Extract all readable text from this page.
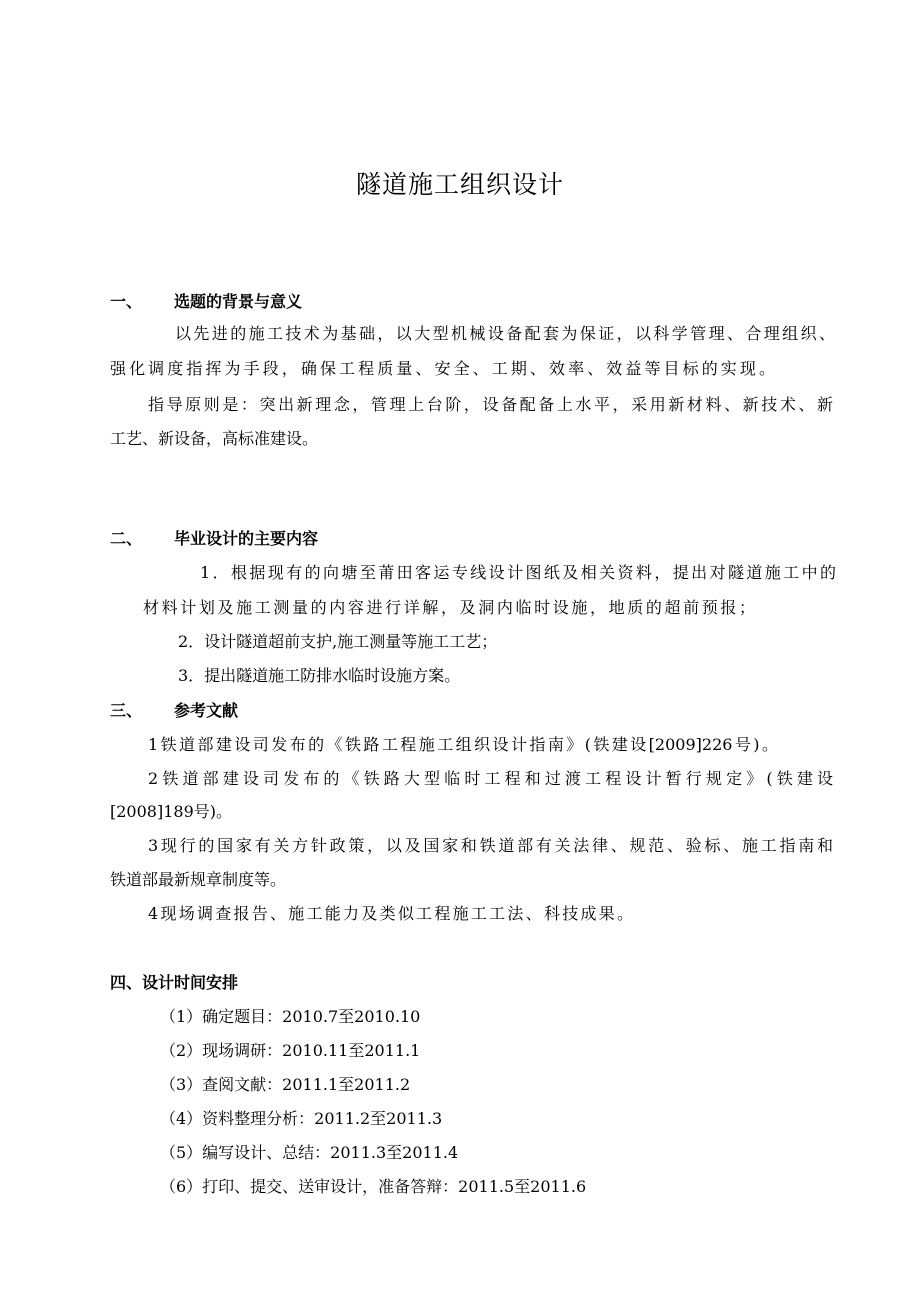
隧道施工组织设计
一、 选题的背景与意义
以先进的施工技术为基础，以大型机械设备配套为保证，以科学管理、合理组织、
强化调度指挥为手段，确保工程质量、安全、工期、效率、效益等目标的实现。
指导原则是：突出新理念，管理上台阶，设备配备上水平，采用新材料、新技术、新
工艺、新设备，高标准建设。
二、 毕业设计的主要内容
1．根据现有的向塘至莆田客运专线设计图纸及相关资料，提出对隧道施工中的
材料计划及施工测量的内容进行详解，及洞内临时设施，地质的超前预报；
2．设计隧道超前支护,施工测量等施工工艺；
3．提出隧道施工防排水临时设施方案。
三、 参考文献
1铁道部建设司发布的《铁路工程施工组织设计指南》(铁建设[2009]226号)。
2铁道部建设司发布的《铁路大型临时工程和过渡工程设计暂行规定》(铁建设
[2008]189号)。
3现行的国家有关方针政策，以及国家和铁道部有关法律、规范、验标、施工指南和
铁道部最新规章制度等。
4现场调查报告、施工能力及类似工程施工工法、科技成果。
四、设计时间安排
（1）确定题目：2010.7至2010.10
（2）现场调研：2010.11至2011.1
（3）查阅文献：2011.1至2011.2
（4）资料整理分析：2011.2至2011.3
（5）编写设计、总结：2011.3至2011.4
（6）打印、提交、送审设计，准备答辩：2011.5至2011.6
